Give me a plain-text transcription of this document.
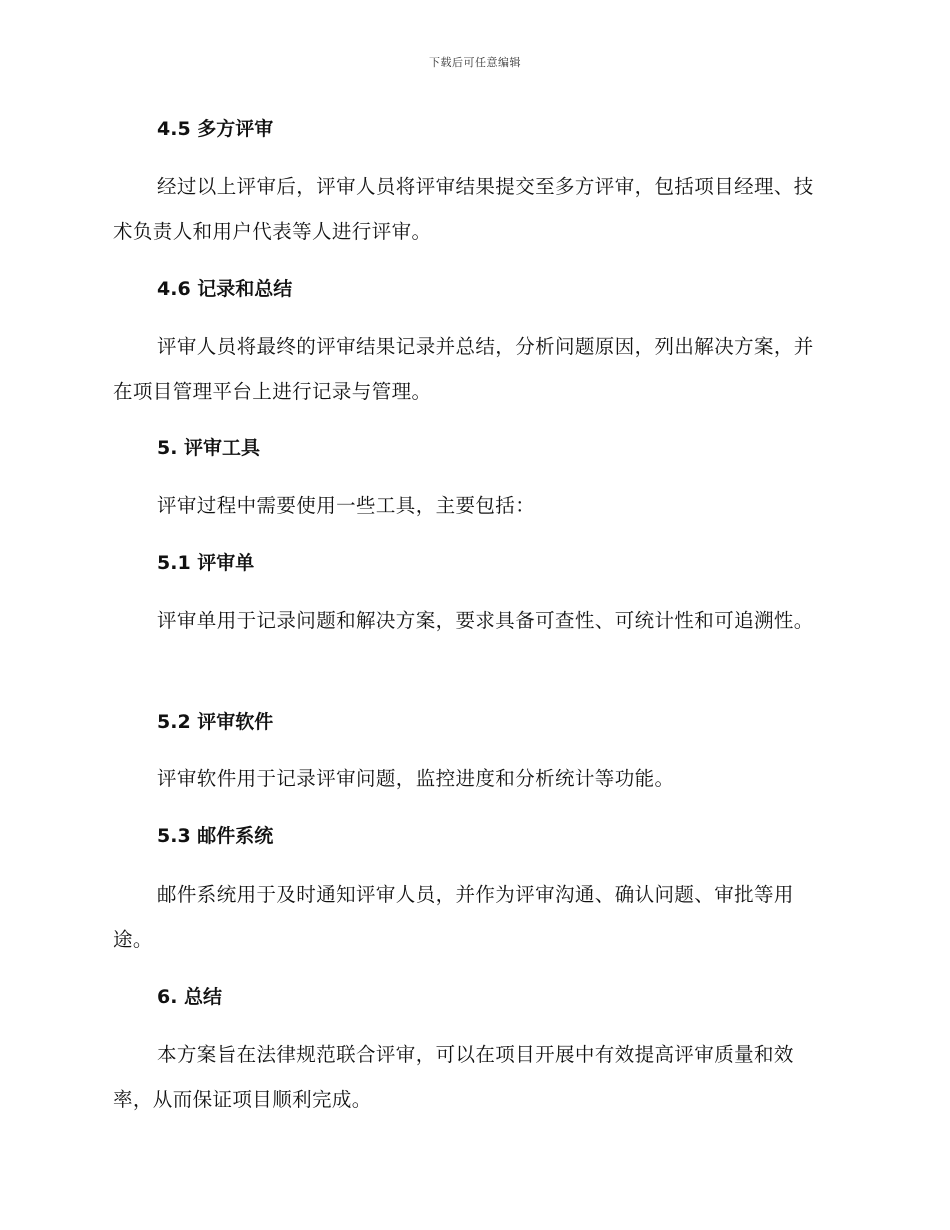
下载后可任意编辑
4.5 多方评审
经过以上评审后，评审人员将评审结果提交至多方评审，包括项目经理、技术负责人和用户代表等人进行评审。
4.6 记录和总结
评审人员将最终的评审结果记录并总结，分析问题原因，列出解决方案，并在项目管理平台上进行记录与管理。
5. 评审工具
评审过程中需要使用一些工具，主要包括：
5.1 评审单
评审单用于记录问题和解决方案，要求具备可查性、可统计性和可追溯性。
5.2 评审软件
评审软件用于记录评审问题，监控进度和分析统计等功能。
5.3 邮件系统
邮件系统用于及时通知评审人员，并作为评审沟通、确认问题、审批等用途。
6. 总结
本方案旨在法律规范联合评审，可以在项目开展中有效提高评审质量和效率，从而保证项目顺利完成。
